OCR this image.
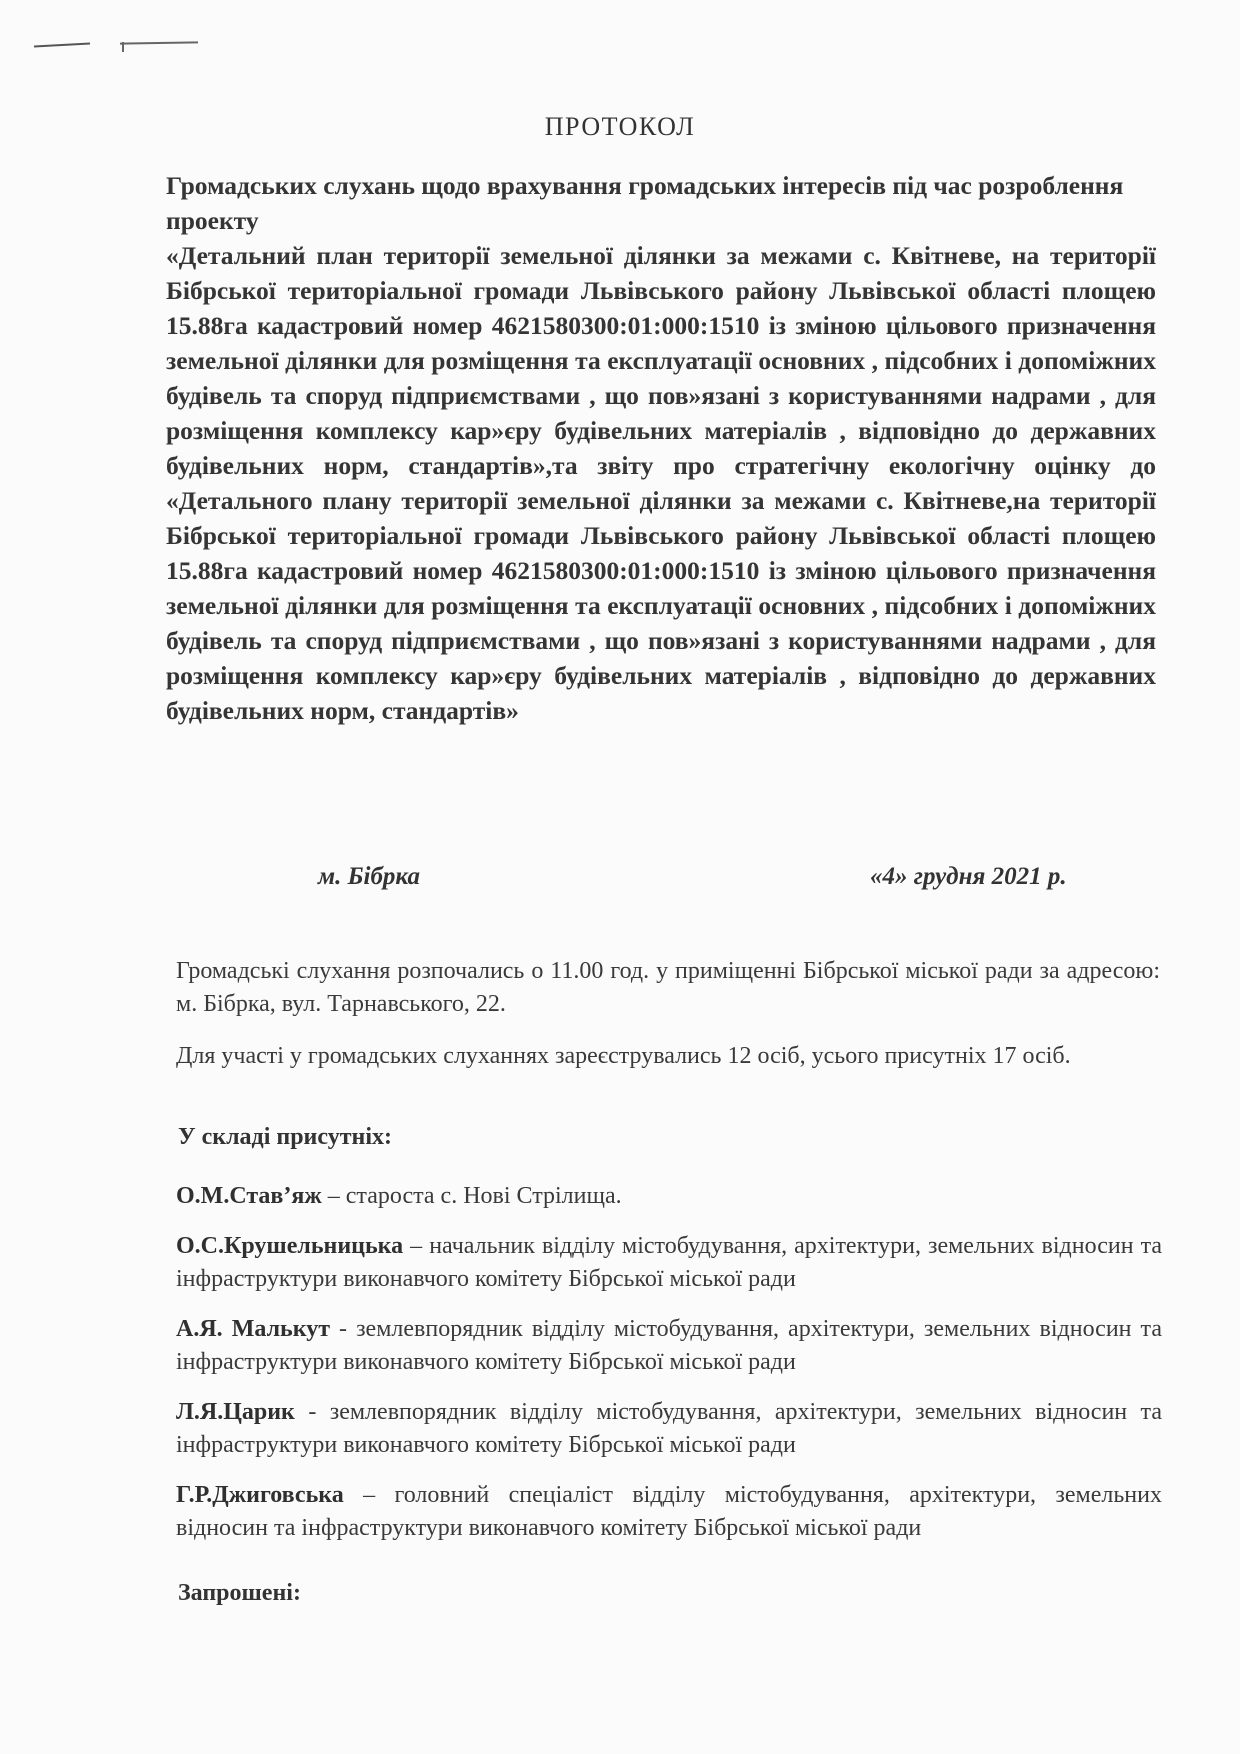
ПРОТОКОЛ
Громадських слухань щодо врахування громадських інтересів під час розроблення проекту
«Детальний план території земельної ділянки за межами с. Квітневе, на території Бібрської територіальної громади Львівського району Львівської області площею 15.88га кадастровий номер 4621580300:01:000:1510 із зміною цільового призначення земельної ділянки для розміщення та експлуатації основних , підсобних і допоміжних будівель та споруд підприємствами , що пов»язані з користуваннями надрами , для розміщення комплексу кар»єру будівельних матеріалів , відповідно до державних будівельних норм, стандартів»,та звіту про стратегічну екологічну оцінку до «Детального плану території земельної ділянки за межами с. Квітневе,на території Бібрської територіальної громади Львівського району Львівської області площею 15.88га кадастровий номер 4621580300:01:000:1510 із зміною цільового призначення земельної ділянки для розміщення та експлуатації основних , підсобних і допоміжних будівель та споруд підприємствами , що пов»язані з користуваннями надрами , для розміщення комплексу кар»єру будівельних матеріалів , відповідно до державних будівельних норм, стандартів»
м. Бібрка	«4» грудня 2021 р.

Громадські слухання розпочались о 11.00 год. у приміщенні Бібрської міської ради за адресою: м. Бібрка, вул. Тарнавського, 22.

Для участі у громадських слуханнях зареєструвались 12 осіб, усього присутніх 17 осіб.

У складі присутніх:

О.М.Став’яж – староста с. Нові Стрілища.

О.С.Крушельницька – начальник відділу містобудування, архітектури, земельних відносин та інфраструктури виконавчого комітету Бібрської міської ради

А.Я. Малькут - землевпорядник відділу містобудування, архітектури, земельних відносин та інфраструктури виконавчого комітету Бібрської міської ради

Л.Я.Царик - землевпорядник відділу містобудування, архітектури, земельних відносин та інфраструктури виконавчого комітету Бібрської міської ради

Г.Р.Джиговська – головний спеціаліст відділу містобудування, архітектури, земельних відносин та інфраструктури виконавчого комітету Бібрської міської ради

Запрошені:
